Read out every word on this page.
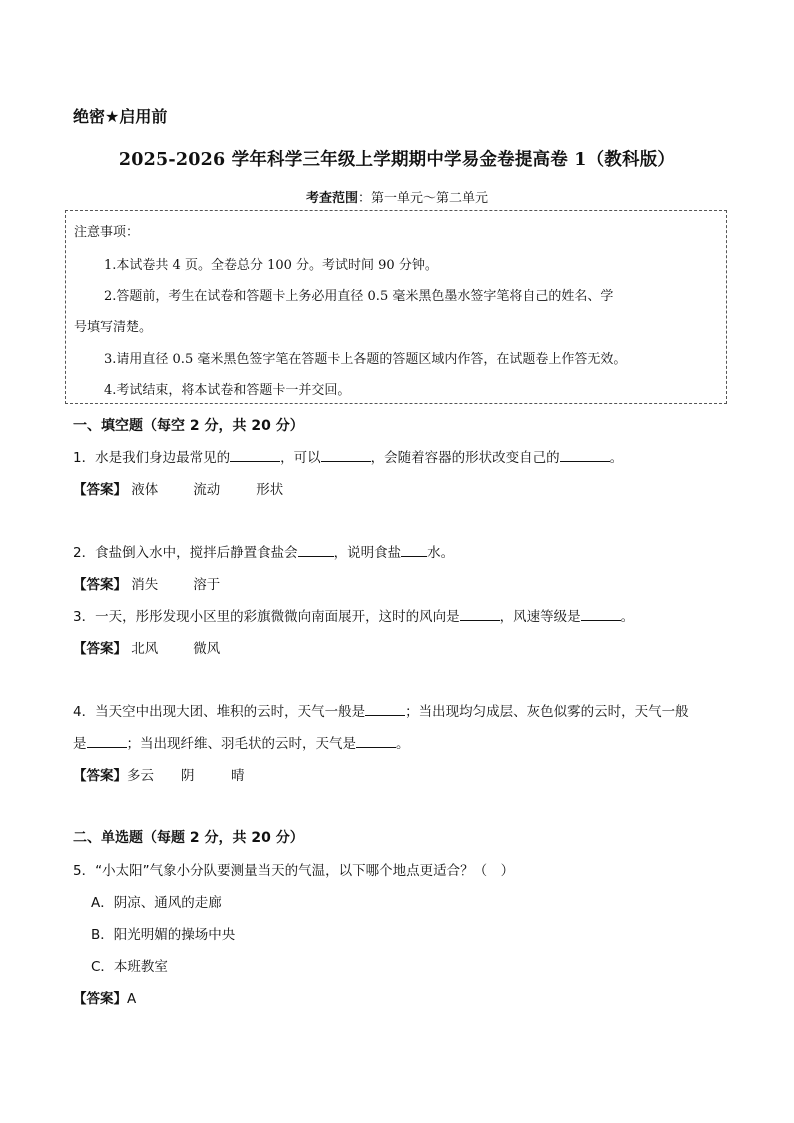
绝密★启用前
2025-2026 学年科学三年级上学期期中学易金卷提高卷 1（教科版）
考查范围：第一单元～第二单元
注意事项：
1.本试卷共 4 页。全卷总分 100 分。考试时间 90 分钟。
2.答题前，考生在试卷和答题卡上务必用直径 0.5 毫米黑色墨水签字笔将自己的姓名、学
号填写清楚。
3.请用直径 0.5 毫米黑色签字笔在答题卡上各题的答题区域内作答，在试题卷上作答无效。
4.考试结束，将本试卷和答题卡一并交回。
一、填空题（每空 2 分，共 20 分）
1．水是我们身边最常见的	，可以	，会随着容器的形状改变自己的	。
【答案】 液体	流动	形状
2．食盐倒入水中，搅拌后静置食盐会	，说明食盐 水。
【答案】 消失	溶于
3．一天，彤彤发现小区里的彩旗微微向南面展开，这时的风向是	，风速等级是	。
【答案】 北风	微风
4．当天空中出现大团、堆积的云时，天气一般是	；当出现均匀成层、灰色似雾的云时，天气一般
是	；当出现纤维、羽毛状的云时，天气是	。
【答案】多云 阴	晴
二、单选题（每题 2 分，共 20 分）
5．“小太阳”气象小分队要测量当天的气温，以下哪个地点更适合？（　）
A．阴凉、通风的走廊
B．阳光明媚的操场中央
C．本班教室
【答案】A
